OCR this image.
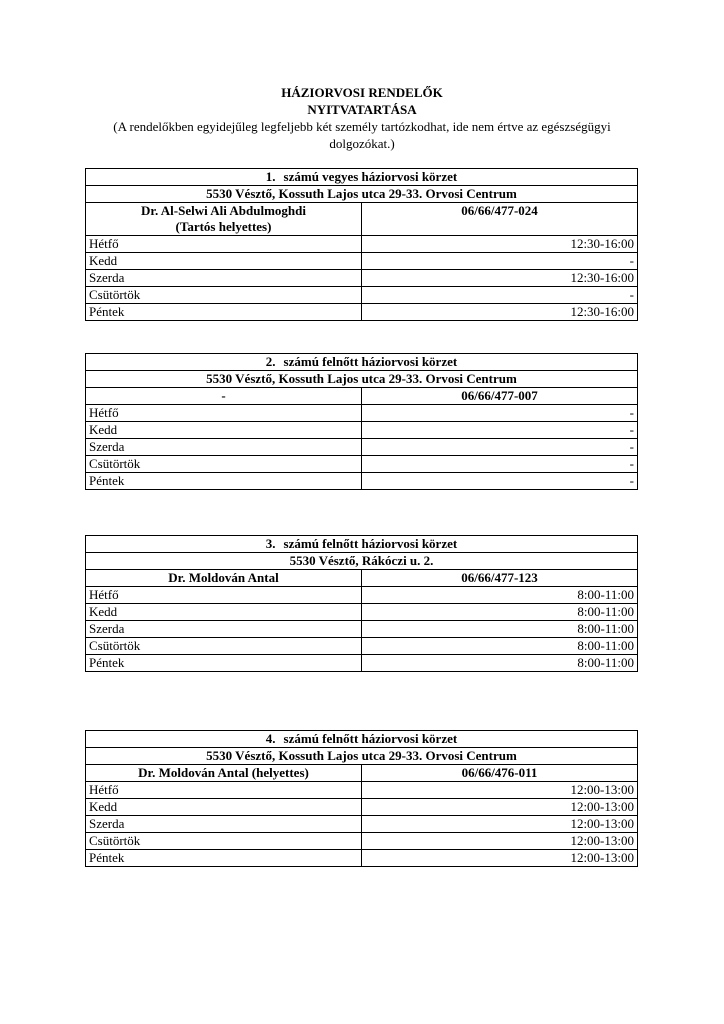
HÁZIORVOSI RENDELŐK
NYITVATARTÁSA
(A rendelőkben egyidejűleg legfeljebb két személy tartózkodhat, ide nem értve az egészségügyi dolgozókat.)
1. számú vegyes háziorvosi körzet	
5530 Vésztő, Kossuth Lajos utca 29-33. Orvosi Centrum	

Dr. Al-Selwi Ali Abdulmoghdi
(Tartós helyettes)	06/66/477-024
Hétfő	12:30-16:00
Kedd	-
Szerda	12:30-16:00
Csütörtök	-
Péntek	12:30-16:00
2. számú felnőtt háziorvosi körzet	
5530 Vésztő, Kossuth Lajos utca 29-33. Orvosi Centrum	
-	06/66/477-007
Hétfő	-
Kedd	-
Szerda	-
Csütörtök	-
Péntek	-
3. számú felnőtt háziorvosi körzet	
5530 Vésztő, Rákóczi u. 2.	
Dr. Moldován Antal	06/66/477-123
Hétfő	8:00-11:00
Kedd	8:00-11:00
Szerda	8:00-11:00
Csütörtök	8:00-11:00
Péntek	8:00-11:00
4. számú felnőtt háziorvosi körzet	
5530 Vésztő, Kossuth Lajos utca 29-33. Orvosi Centrum	
Dr. Moldován Antal (helyettes)	06/66/476-011
Hétfő	12:00-13:00
Kedd	12:00-13:00
Szerda	12:00-13:00
Csütörtök	12:00-13:00
Péntek	12:00-13:00
